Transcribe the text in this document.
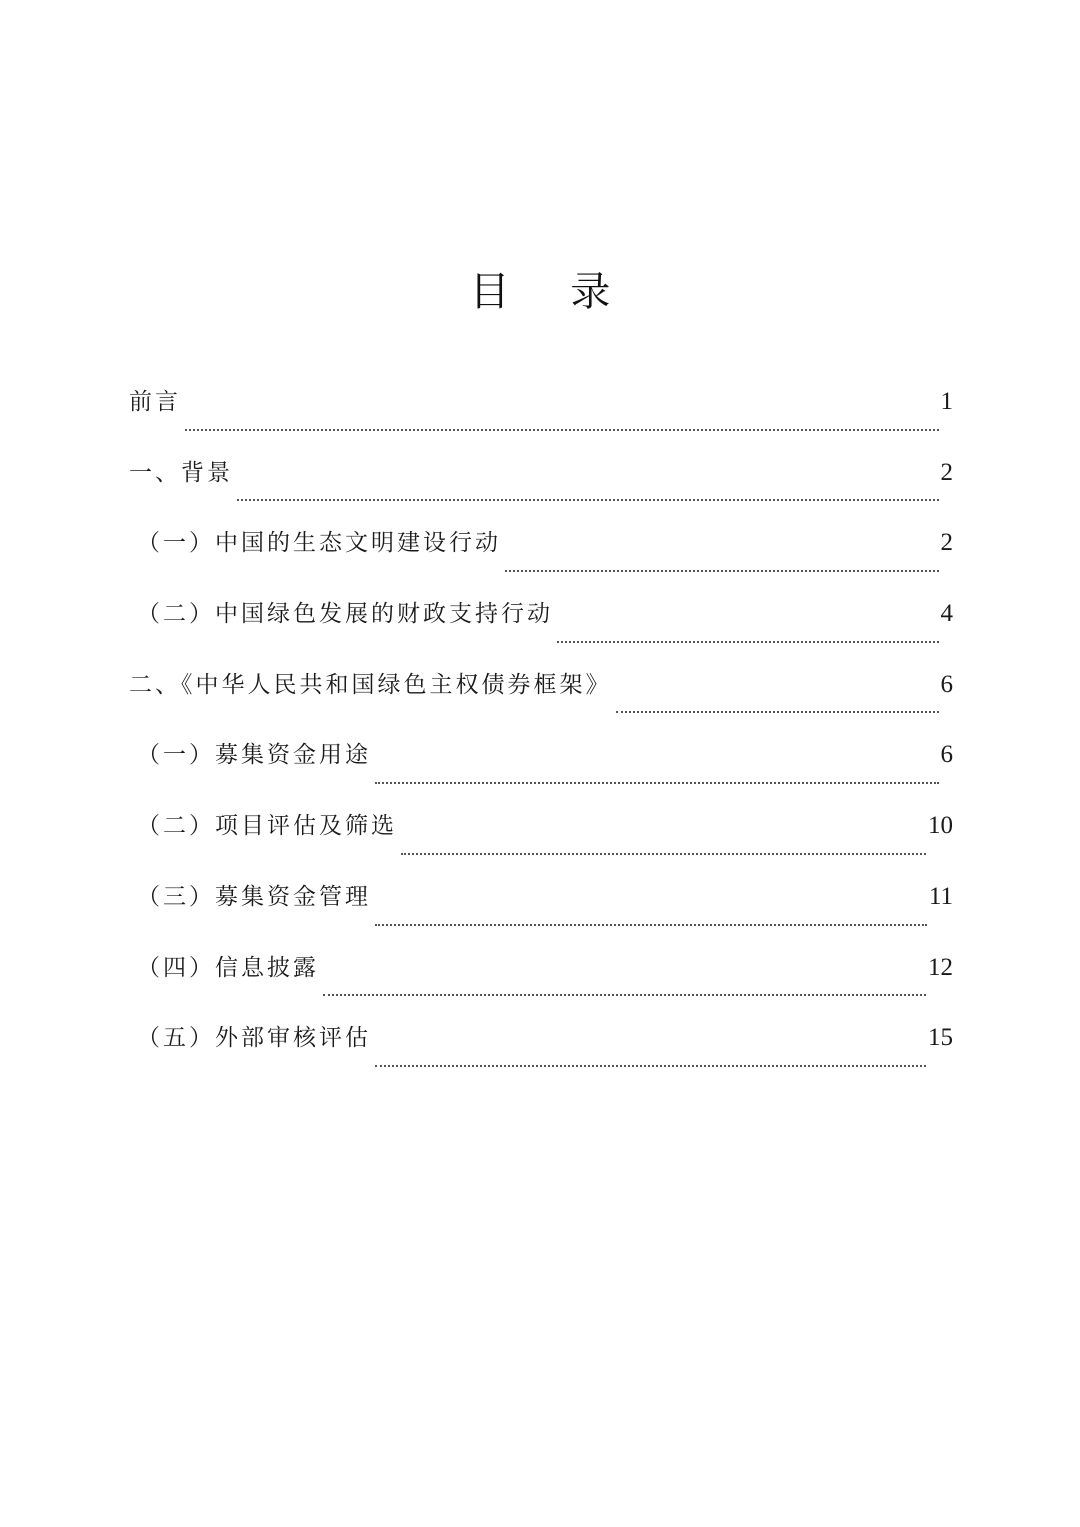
目 录
前言	1
一、背景	2
（一）中国的生态文明建设行动	2
（二）中国绿色发展的财政支持行动	4
二、《中华人民共和国绿色主权债券框架》	6
（一）募集资金用途	6
（二）项目评估及筛选	10
（三）募集资金管理	11
（四）信息披露	12
（五）外部审核评估	15
